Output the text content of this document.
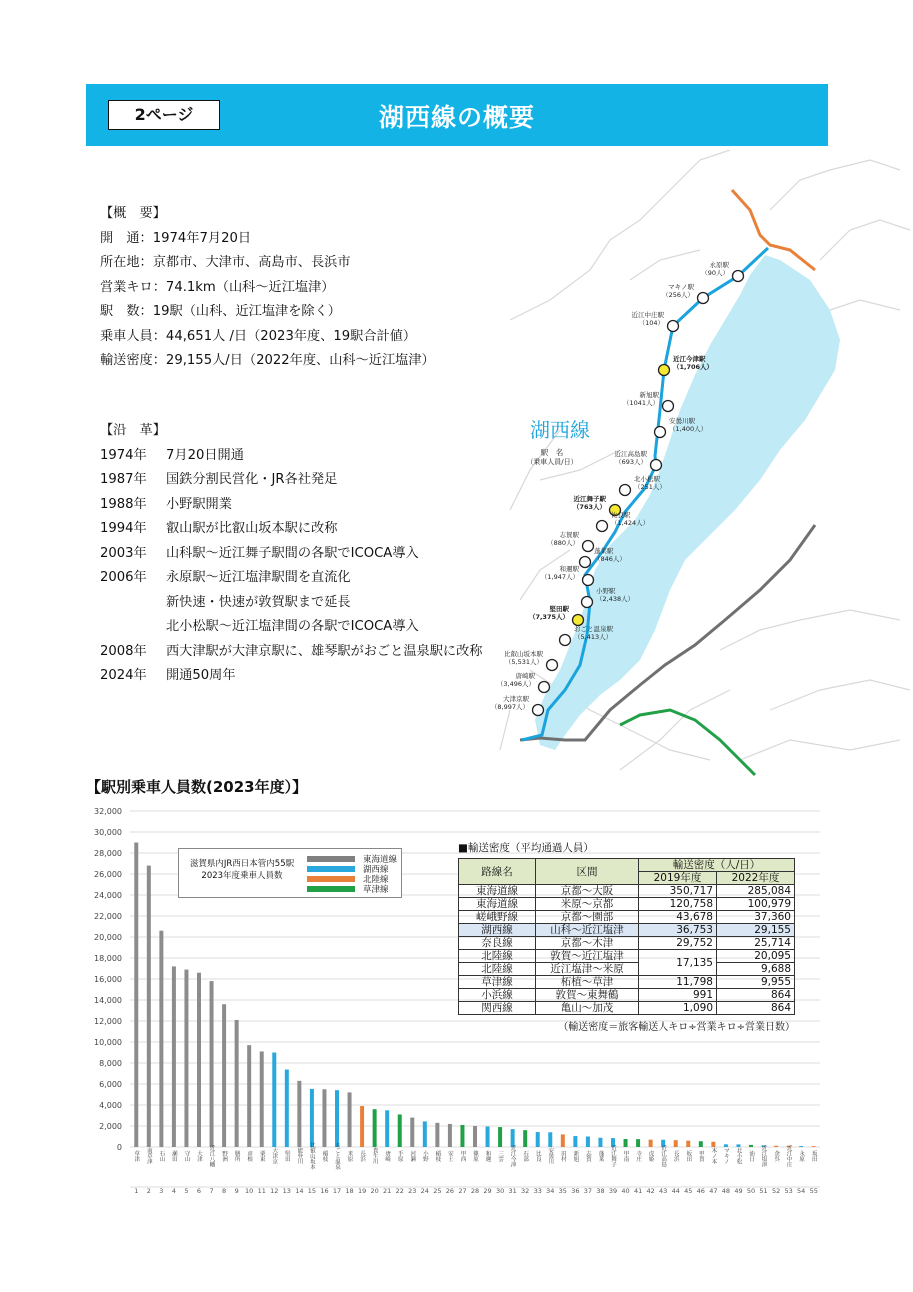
湖西線の概要
2ページ
【概　要】
開　通：1974年7月20日
所在地：京都市、大津市、高島市、長浜市
営業キロ：74.1km（山科～近江塩津）
駅　数：19駅（山科、近江塩津を除く）
乗車人員：44,651人 /日（2023年度、19駅合計値）
輸送密度：29,155人/日（2022年度、山科～近江塩津）
【沿　革】
1974年	7月20日開通
1987年	国鉄分割民営化・JR各社発足
1988年	小野駅開業
1994年	叡山駅が比叡山坂本駅に改称
2003年	山科駅～近江舞子駅間の各駅でICOCA導入
2006年	永原駅～近江塩津駅間を直流化
新快速・快速が敦賀駅まで延長
北小松駅～近江塩津間の各駅でICOCA導入
2008年	西大津駅が大津京駅に、雄琴駅がおごと温泉駅に改称
2024年	開通50周年
永原駅
（90人）
マキノ駅
（256人）
近江中庄駅
（104）
近江今津駅
（1,706人）
新旭駅
（1041人）
安曇川駅
（1,400人）
近江高島駅
（693人）
北小松駅
（251人）
近江舞子駅
（763人）
比良駅
（1,424人）
志賀駅
（880人）
蓬莱駅
（846人）
和邇駅
（1,947人）
小野駅
（2,438人）
堅田駅
（7,375人）
おごと温泉駅
（5,413人）
比叡山坂本駅
（5,531人）
唐崎駅
（3,496人）
大津京駅
（8,997人）
湖西線
駅　名
（乗車人員/日）
【駅別乗車人員数(2023年度）】
0
2,000
4,000
6,000
8,000
10,000
12,000
14,000
16,000
18,000
20,000
22,000
24,000
26,000
28,000
30,000
32,000
草津
1
南草津
2
石山
3
瀬田
4
守山
5
大津
6
近江八幡
7
野洲
8
膳所
9
彦根
10
栗東
11
大津京
12
堅田
13
能登川
14
比叡山坂本
15
稲枝
16
おごと温泉
17
米原
18
長浜
19
貴生川
20
唐崎
21
手原
22
河瀬
23
小野
24
稲枝
25
安土
26
甲西
27
篠原
28
和邇
29
三雲
30
近江今津
31
石部
32
比良
33
安曇川
34
田村
35
新旭
36
志賀
37
蓬莱
38
近江舞子
39
甲南
40
寺庄
41
虎姫
42
近江高島
43
長浜
44
坂田
45
甲賀
46
木ノ本
47
マキノ
48
北小松
49
油日
50
近江塩津
51
余呉
52
近江中庄
53
永原
54
坂田
55
滋賀県内JR西日本管内55駅
2023年度乗車人員数
東海道線
湖西線
北陸線
草津線
■輸送密度（平均通過人員）
路線名	区間	輸送密度（人/日）	
		2019年度	2022年度
東海道線	京都～大阪	350,717	285,084
東海道線	米原～京都	120,758	100,979
嵯峨野線	京都～園部	43,678	37,360
湖西線	山科～近江塩津	36,753	29,155
奈良線	京都～木津	29,752	25,714
北陸線	敦賀～近江塩津	17,135	20,095
北陸線	近江塩津～米原		9,688
草津線	柘植～草津	11,798	9,955
小浜線	敦賀～東舞鶴	991	864
関西線	亀山～加茂	1,090	864
（輸送密度＝旅客輸送人キロ÷営業キロ÷営業日数）
